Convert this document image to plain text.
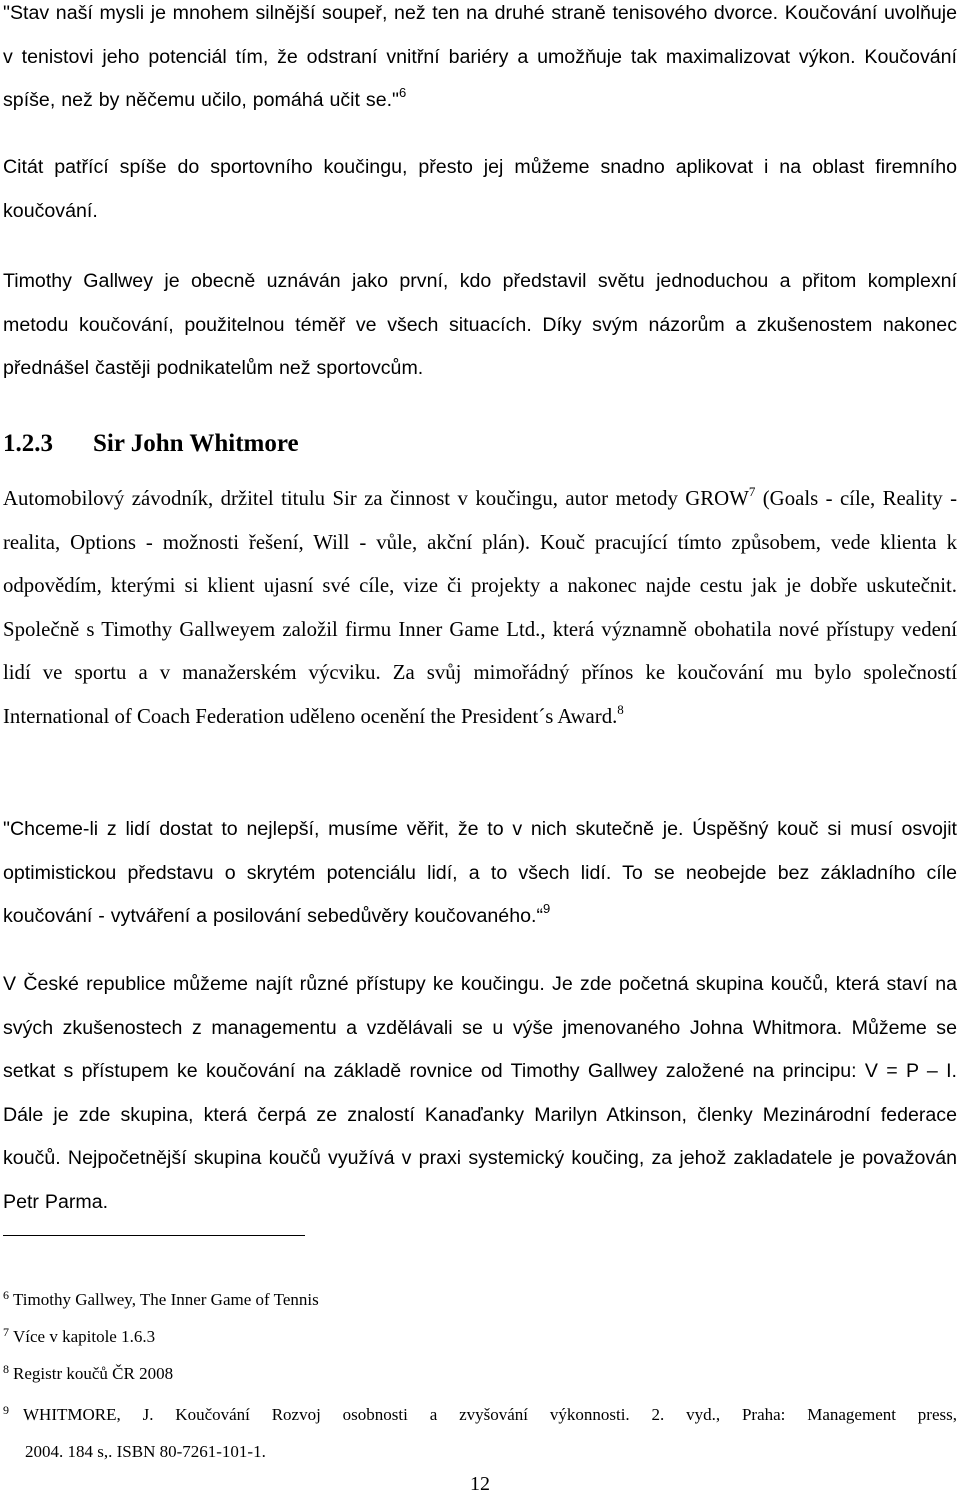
"Stav naší mysli je mnohem silnější soupeř, než ten na druhé straně tenisového dvorce. Koučování uvolňuje v tenistovi jeho potenciál tím, že odstraní vnitřní bariéry a umožňuje tak maximalizovat výkon. Koučování spíše, než by něčemu učilo, pomáhá učit se."$^6$

Citát patřící spíše do sportovního koučingu, přesto jej můžeme snadno aplikovat i na oblast firemního koučování.

Timothy Gallwey je obecně uznáván jako první, kdo představil světu jednoduchou a přitom komplexní metodu koučování, použitelnou téměř ve všech situacích. Díky svým názorům a zkušenostem nakonec přednášel častěji podnikatelům než sportovcům.

1.2.3 Sir John Whitmore

Automobilový závodník, držitel titulu Sir za činnost v koučingu, autor metody GROW$^7$ (Goals - cíle, Reality - realita, Options - možnosti řešení, Will - vůle, akční plán). Kouč pracující tímto způsobem, vede klienta k odpovědím, kterými si klient ujasní své cíle, vize či projekty a nakonec najde cestu jak je dobře uskutečnit. Společně s Timothy Gallweyem založil firmu Inner Game Ltd., která významně obohatila nové přístupy vedení lidí ve sportu a v manažerském výcviku. Za svůj mimořádný přínos ke koučování mu bylo společností International of Coach Federation uděleno ocenění the President´s Award.$^8$

"Chceme-li z lidí dostat to nejlepší, musíme věřit, že to v nich skutečně je. Úspěšný kouč si musí osvojit optimistickou představu o skrytém potenciálu lidí, a to všech lidí. To se neobejde bez základního cíle koučování - vytváření a posilování sebedůvěry koučovaného.“$^9$

V České republice můžeme najít různé přístupy ke koučingu. Je zde početná skupina koučů, která staví na svých zkušenostech z managementu a vzdělávali se u výše jmenovaného Johna Whitmora. Můžeme se setkat s přístupem ke koučování na základě rovnice od Timothy Gallwey založené na principu: V = P – I. Dále je zde skupina, která čerpá ze znalostí Kanaďanky Marilyn Atkinson, členky Mezinárodní federace koučů. Nejpočetnější skupina koučů využívá v praxi systemický koučing, za jehož zakladatele je považován Petr Parma.

$^6$ Timothy Gallwey, The Inner Game of Tennis

$^7$ Více v kapitole 1.6.3

$^8$ Registr koučů ČR 2008

$^9$ WHITMORE, J. Koučování Rozvoj osobnosti a zvyšování výkonnosti. 2. vyd., Praha: Management press,
2004. 184 s,. ISBN 80-7261-101-1.
12
